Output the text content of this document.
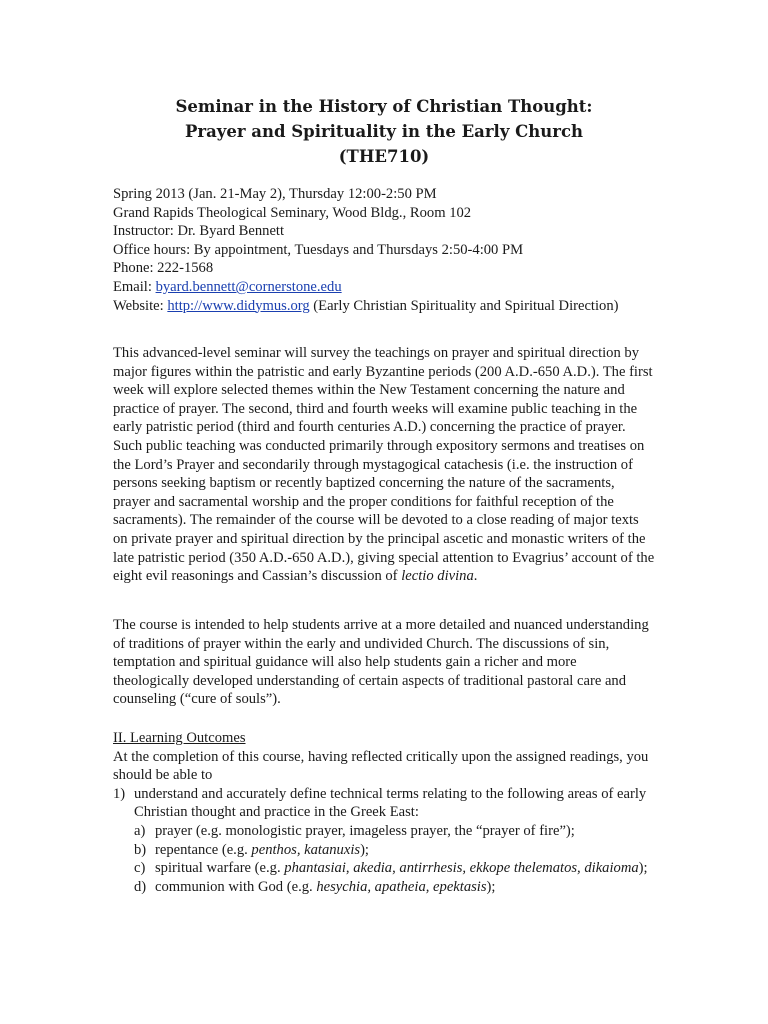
Seminar in the History of Christian Thought:
Prayer and Spirituality in the Early Church
(THE710)
Spring 2013 (Jan. 21-May 2), Thursday 12:00-2:50 PM
Grand Rapids Theological Seminary, Wood Bldg., Room 102
Instructor: Dr. Byard Bennett
Office hours: By appointment, Tuesdays and Thursdays 2:50-4:00 PM
Phone: 222-1568
Email: byard.bennett@cornerstone.edu
Website: http://www.didymus.org (Early Christian Spirituality and Spiritual Direction)
This advanced-level seminar will survey the teachings on prayer and spiritual direction by major figures within the patristic and early Byzantine periods (200 A.D.-650 A.D.). The first week will explore selected themes within the New Testament concerning the nature and practice of prayer. The second, third and fourth weeks will examine public teaching in the early patristic period (third and fourth centuries A.D.) concerning the practice of prayer. Such public teaching was conducted primarily through expository sermons and treatises on the Lord’s Prayer and secondarily through mystagogical catachesis (i.e. the instruction of persons seeking baptism or recently baptized concerning the nature of the sacraments, prayer and sacramental worship and the proper conditions for faithful reception of the sacraments). The remainder of the course will be devoted to a close reading of major texts on private prayer and spiritual direction by the principal ascetic and monastic writers of the late patristic period (350 A.D.-650 A.D.), giving special attention to Evagrius’ account of the eight evil reasonings and Cassian’s discussion of lectio divina.
The course is intended to help students arrive at a more detailed and nuanced understanding of traditions of prayer within the early and undivided Church. The discussions of sin, temptation and spiritual guidance will also help students gain a richer and more theologically developed understanding of certain aspects of traditional pastoral care and counseling (“cure of souls”).
II. Learning Outcomes
At the completion of this course, having reflected critically upon the assigned readings, you should be able to
1) understand and accurately define technical terms relating to the following areas of early Christian thought and practice in the Greek East:
a) prayer (e.g. monologistic prayer, imageless prayer, the “prayer of fire”);
b) repentance (e.g. penthos, katanuxis);
c) spiritual warfare (e.g. phantasiai, akedia, antirrhesis, ekkope thelematos, dikaioma);
d) communion with God (e.g. hesychia, apatheia, epektasis);
